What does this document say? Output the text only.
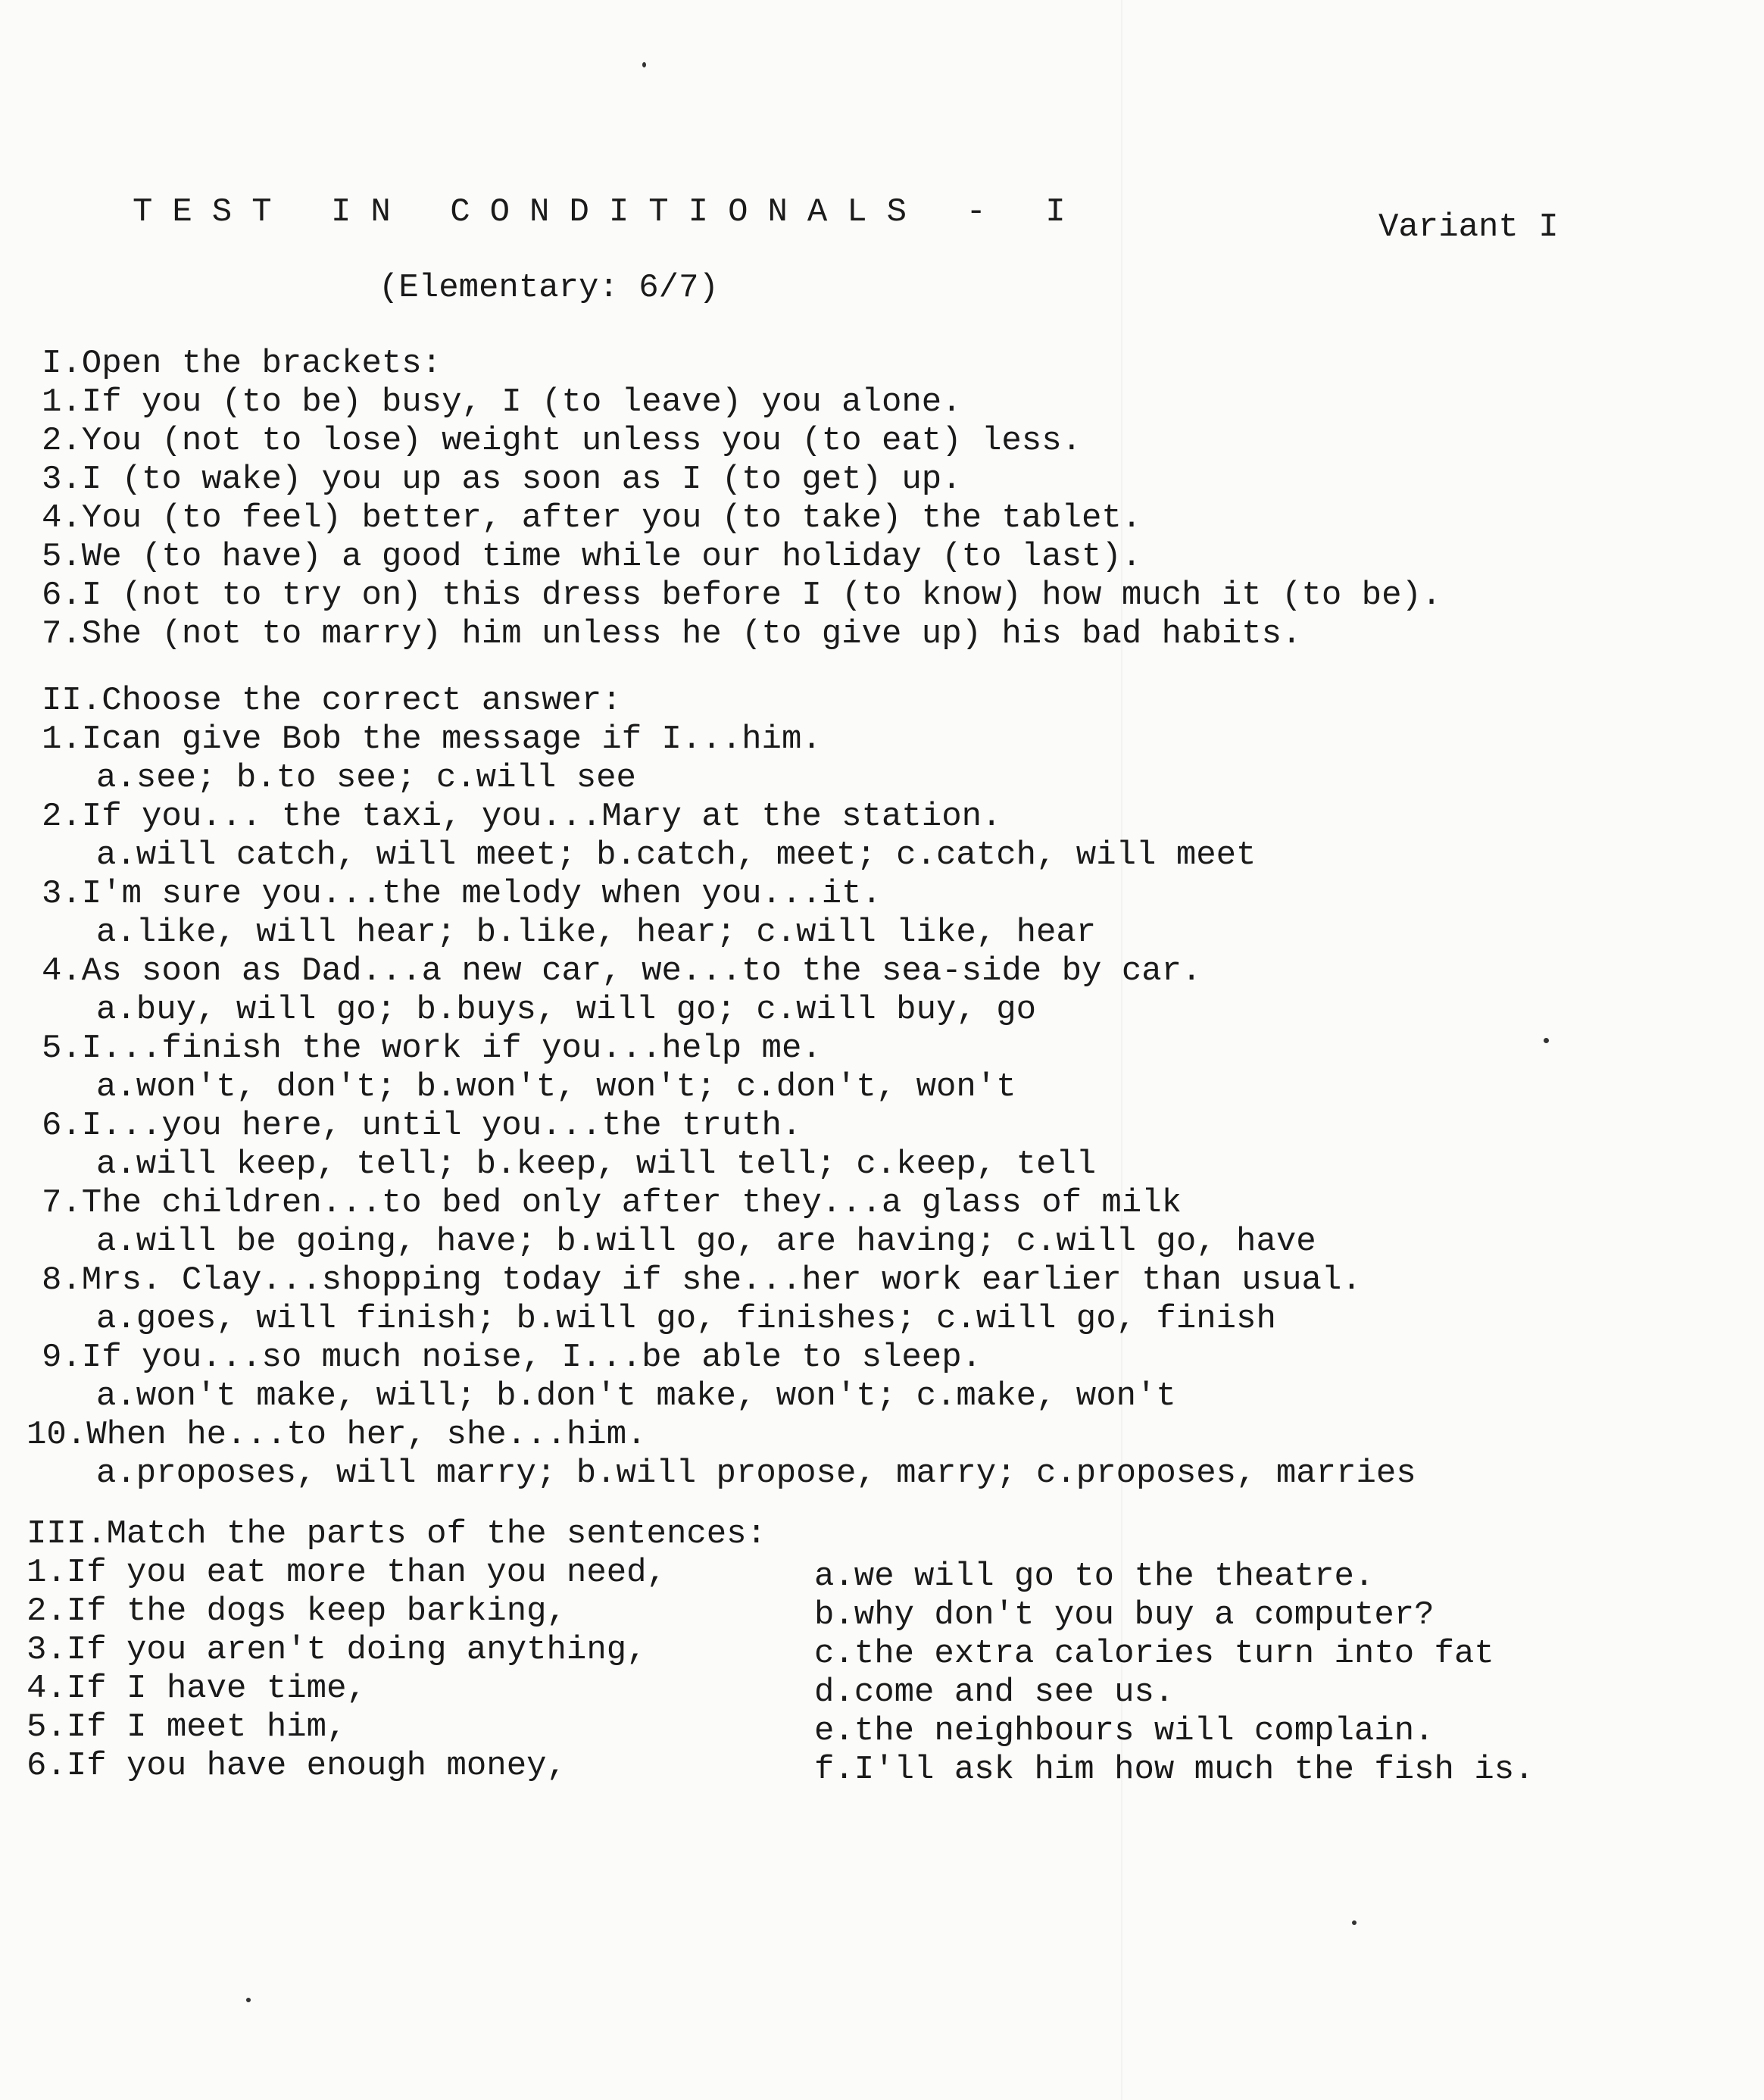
TEST IN CONDITIONALS - I	Variant I
(Elementary: 6/7)
I.Open the brackets:
1.If you (to be) busy, I (to leave) you alone.
2.You (not to lose) weight unless you (to eat) less.
3.I (to wake) you up as soon as I (to get) up.
4.You (to feel) better, after you (to take) the tablet.
5.We (to have) a good time while our holiday (to last).
6.I (not to try on) this dress before I (to know) how much it (to be).
7.She (not to marry) him unless he (to give up) his bad habits.
II.Choose the correct answer:
1.Ican give Bob the message if I...him.
a.see; b.to see; c.will see
2.If you... the taxi, you...Mary at the station.
a.will catch, will meet; b.catch, meet; c.catch, will meet
3.I'm sure you...the melody when you...it.
a.like, will hear; b.like, hear; c.will like, hear
4.As soon as Dad...a new car, we...to the sea-side by car.
a.buy, will go; b.buys, will go; c.will buy, go
5.I...finish the work if you...help me.
a.won't, don't; b.won't, won't; c.don't, won't
6.I...you here, until you...the truth.
a.will keep, tell; b.keep, will tell; c.keep, tell
7.The children...to bed only after they...a glass of milk
a.will be going, have; b.will go, are having; c.will go, have
8.Mrs. Clay...shopping today if she...her work earlier than usual.
a.goes, will finish; b.will go, finishes; c.will go, finish
9.If you...so much noise, I...be able to sleep.
a.won't make, will; b.don't make, won't; c.make, won't
10.When he...to her, she...him.
a.proposes, will marry; b.will propose, marry; c.proposes, marries
III.Match the parts of the sentences:
1.If you eat more than you need,
2.If the dogs keep barking,
3.If you aren't doing anything,
4.If I have time,
5.If I meet him,
6.If you have enough money,
a.we will go to the theatre.
b.why don't you buy a computer?
c.the extra calories turn into fat
d.come and see us.
e.the neighbours will complain.
f.I'll ask him how much the fish is.
